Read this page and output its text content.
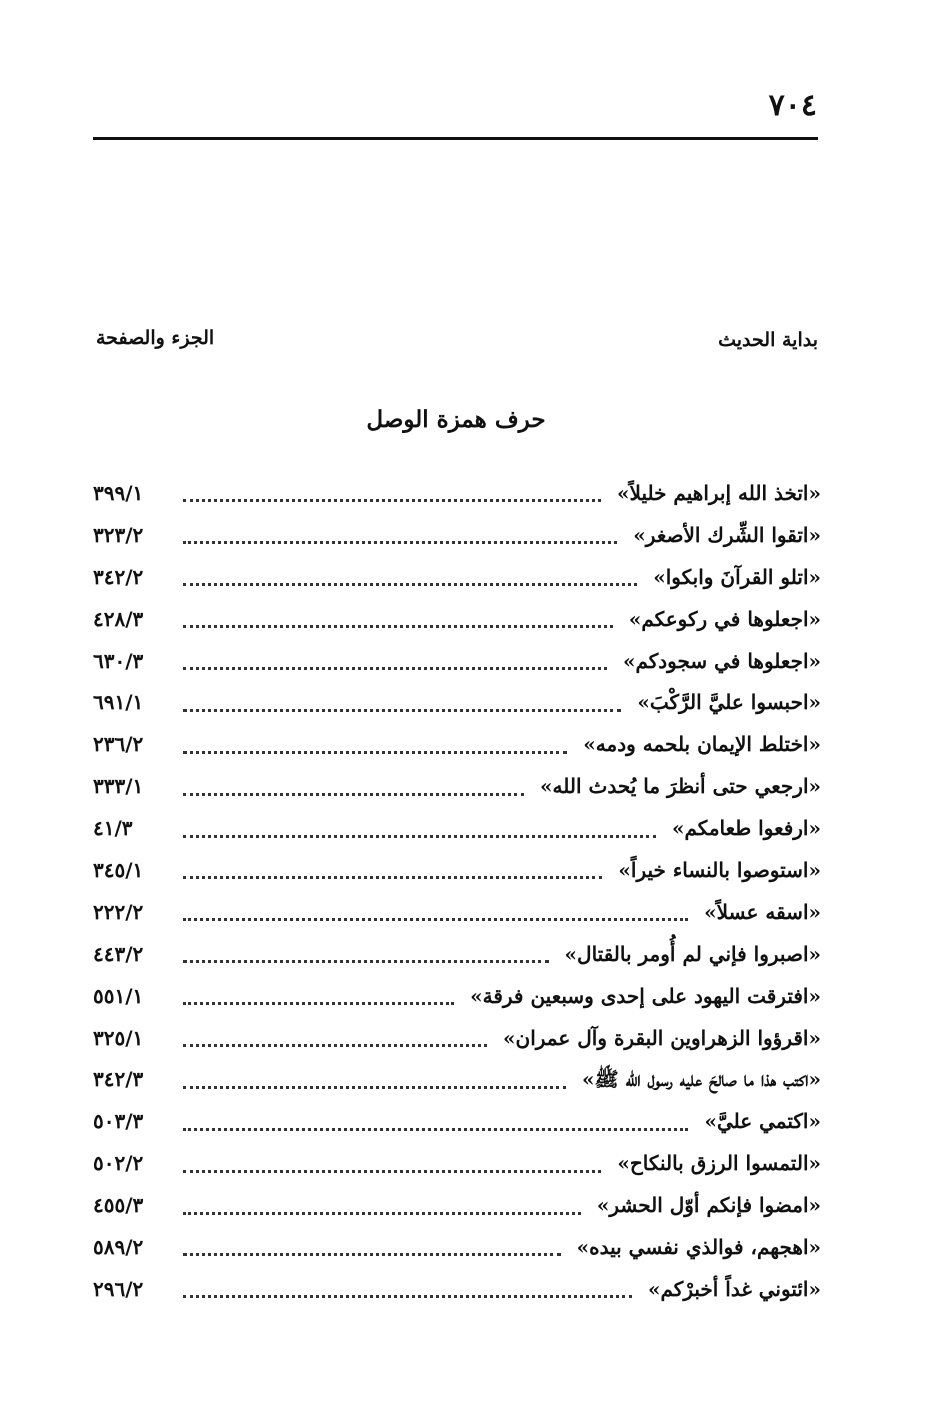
٧٠٤
بداية الحديث
الجزء والصفحة
حرف همزة الوصل
«اتخذ الله إبراهيم خليلاً»
٣٩٩/١
«اتقوا الشِّرك الأصغر»
٣٢٣/٢
«اتلو القرآنَ وابكوا»
٣٤٢/٢
«اجعلوها في ركوعكم»
٤٢٨/٣
«اجعلوها في سجودكم»
٦٣٠/٣
«احبسوا عليَّ الرَّكْبَ»
٦٩١/١
«اختلط الإيمان بلحمه ودمه»
٢٣٦/٢
«ارجعي حتى أنظرَ ما يُحدث الله»
٣٣٣/١
«ارفعوا طعامكم»
٤١/٣
«استوصوا بالنساء خيراً»
٣٤٥/١
«اسقه عسلاً»
٢٢٢/٢
«اصبروا فإني لم أُومر بالقتال»
٤٤٣/٢
«افترقت اليهود على إحدى وسبعين فرقة»
٥٥١/١
«اقرؤوا الزهراوين البقرة وآل عمران»
٣٢٥/١
«اكتب هذا ما صالحَ عليه رسول الله ﷺ»
٣٤٢/٣
«اكتمي عليَّ»
٥٠٣/٣
«التمسوا الرزق بالنكاح»
٥٠٢/٢
«امضوا فإنكم أوّل الحشر»
٤٥٥/٣
«اهجهم، فوالذي نفسي بيده»
٥٨٩/٢
«ائتوني غداً أخبرْكم»
٢٩٦/٢
